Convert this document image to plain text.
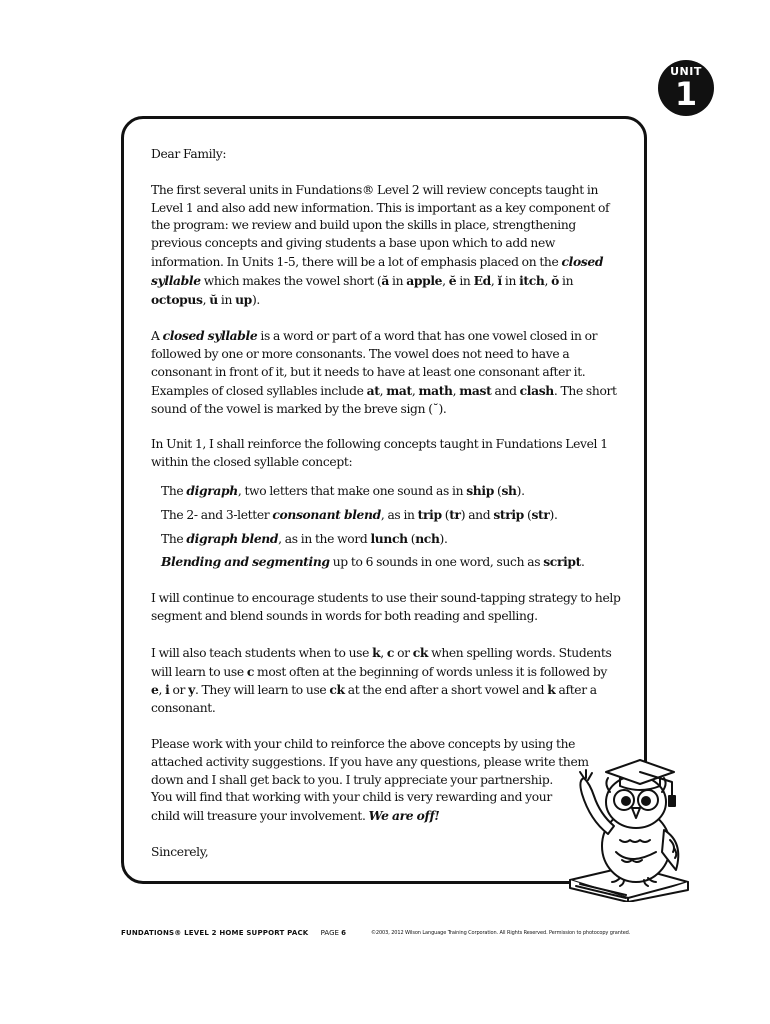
UNIT
1

Dear Family:

The first several units in Fundations® Level 2 will review concepts taught in Level 1 and also add new information. This is important as a key component of the program: we review and build upon the skills in place, strengthening previous concepts and giving students a base upon which to add new information. In Units 1-5, there will be a lot of emphasis placed on the closed syllable which makes the vowel short (ă in apple, ĕ in Ed, ĭ in itch, ŏ in octopus, ŭ in up).

A closed syllable is a word or part of a word that has one vowel closed in or followed by one or more consonants. The vowel does not need to have a consonant in front of it, but it needs to have at least one consonant after it. Examples of closed syllables include at, mat, math, mast and clash. The short sound of the vowel is marked by the breve sign (˘).

In Unit 1, I shall reinforce the following concepts taught in Fundations Level 1 within the closed syllable concept:

The digraph, two letters that make one sound as in ship (sh).
The 2- and 3-letter consonant blend, as in trip (tr) and strip (str).
The digraph blend, as in the word lunch (nch).
Blending and segmenting up to 6 sounds in one word, such as script.

I will continue to encourage students to use their sound-tapping strategy to help segment and blend sounds in words for both reading and spelling.

I will also teach students when to use k, c or ck when spelling words. Students will learn to use c most often at the beginning of words unless it is followed by e, i or y. They will learn to use ck at the end after a short vowel and k after a consonant.

Please work with your child to reinforce the above concepts by using the
attached activity suggestions. If you have any questions, please write them
down and I shall get back to you. I truly appreciate your partnership.
You will find that working with your child is very rewarding and your
child will treasure your involvement. We are off!

Sincerely,

FUNDATIONS® LEVEL 2 HOME SUPPORT PACK PAGE 6	©2003, 2012 Wilson Language Training Corporation. All Rights Reserved. Permission to photocopy granted.
